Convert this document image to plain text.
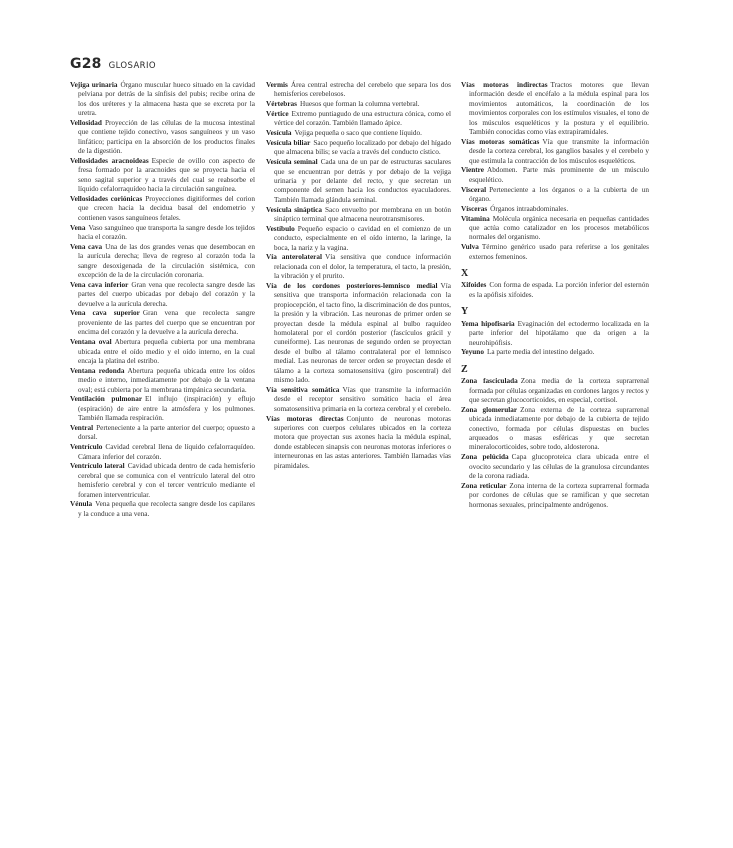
G28 GLOSARIO

Vejiga urinaria Órgano muscular hueco situado en la cavidad pelviana por detrás de la sínfisis del pubis; recibe orina de los dos uréteres y la almacena hasta que se excreta por la uretra.

Vellosidad Proyección de las células de la mucosa intestinal que contiene tejido conectivo, vasos sanguíneos y un vaso linfático; participa en la absorción de los productos finales de la digestión.

Vellosidades aracnoideas Especie de ovillo con aspecto de fresa formado por la aracnoides que se proyecta hacia el seno sagital superior y a través del cual se reabsorbe el líquido cefalorraquídeo hacia la circulación sanguínea.

Vellosidades coriónicas Proyecciones digitiformes del corion que crecen hacia la decidua basal del endometrio y contienen vasos sanguíneos fetales.

Vena Vaso sanguíneo que transporta la sangre desde los tejidos hacia el corazón.

Vena cava Una de las dos grandes venas que desembocan en la aurícula derecha; lleva de regreso al corazón toda la sangre desoxigenada de la circulación sistémica, con excepción de la de la circulación coronaria.

Vena cava inferior Gran vena que recolecta sangre desde las partes del cuerpo ubicadas por debajo del corazón y la devuelve a la aurícula derecha.

Vena cava superior Gran vena que recolecta sangre proveniente de las partes del cuerpo que se encuentran por encima del corazón y la devuelve a la aurícula derecha.

Ventana oval Abertura pequeña cubierta por una membrana ubicada entre el oído medio y el oído interno, en la cual encaja la platina del estribo.

Ventana redonda Abertura pequeña ubicada entre los oídos medio e interno, inmediatamente por debajo de la ventana oval; está cubierta por la membrana timpánica secundaria.

Ventilación pulmonar El influjo (inspiración) y eflujo (espiración) de aire entre la atmósfera y los pulmones. También llamada respiración.

Ventral Perteneciente a la parte anterior del cuerpo; opuesto a dorsal.

Ventrículo Cavidad cerebral llena de líquido cefalorraquídeo. Cámara inferior del corazón.

Ventrículo lateral Cavidad ubicada dentro de cada hemisferio cerebral que se comunica con el ventrículo lateral del otro hemisferio cerebral y con el tercer ventrículo mediante el foramen interventricular.

Vénula Vena pequeña que recolecta sangre desde los capilares y la conduce a una vena.

Vermis Área central estrecha del cerebelo que separa los dos hemisferios cerebelosos.

Vértebras Huesos que forman la columna vertebral.

Vértice Extremo puntiagudo de una estructura cónica, como el vértice del corazón. También llamado ápice.

Vesícula Vejiga pequeña o saco que contiene líquido.

Vesícula biliar Saco pequeño localizado por debajo del hígado que almacena bilis; se vacía a través del conducto cístico.

Vesícula seminal Cada una de un par de estructuras saculares que se encuentran por detrás y por debajo de la vejiga urinaria y por delante del recto, y que secretan un componente del semen hacia los conductos eyaculadores. También llamada glándula seminal.

Vesícula sináptica Saco envuelto por membrana en un botón sináptico terminal que almacena neurotransmisores.

Vestíbulo Pequeño espacio o cavidad en el comienzo de un conducto, especialmente en el oído interno, la laringe, la boca, la nariz y la vagina.

Vía anterolateral Vía sensitiva que conduce información relacionada con el dolor, la temperatura, el tacto, la presión, la vibración y el prurito.

Vía de los cordones posteriores-lemnisco medial Vía sensitiva que transporta información relacionada con la propiocepción, el tacto fino, la discriminación de dos puntos, la presión y la vibración. Las neuronas de primer orden se proyectan desde la médula espinal al bulbo raquídeo homolateral por el cordón posterior (fascículos grácil y cuneiforme). Las neuronas de segundo orden se proyectan desde el bulbo al tálamo contralateral por el lemnisco medial. Las neuronas de tercer orden se proyectan desde el tálamo a la corteza somatosensitiva (giro poscentral) del mismo lado.

Vía sensitiva somática Vías que transmite la información desde el receptor sensitivo somático hacia el área somatosensitiva primaria en la corteza cerebral y el cerebelo.

Vías motoras directas Conjunto de neuronas motoras superiores con cuerpos celulares ubicados en la corteza motora que proyectan sus axones hacia la médula espinal, donde establecen sinapsis con neuronas motoras inferiores o interneuronas en las astas anteriores. También llamadas vías piramidales.

Vías motoras indirectas Tractos motores que llevan información desde el encéfalo a la médula espinal para los movimientos automáticos, la coordinación de los movimientos corporales con los estímulos visuales, el tono de los músculos esqueléticos y la postura y el equilibrio. También conocidas como vías extrapiramidales.

Vías motoras somáticas Vía que transmite la información desde la corteza cerebral, los ganglios basales y el cerebelo y que estimula la contracción de los músculos esqueléticos.

Vientre Abdomen. Parte más prominente de un músculo esquelético.

Visceral Perteneciente a los órganos o a la cubierta de un órgano.

Vísceras Órganos intraabdominales.

Vitamina Molécula orgánica necesaria en pequeñas cantidades que actúa como catalizador en los procesos metabólicos normales del organismo.

Vulva Término genérico usado para referirse a los genitales externos femeninos.

X

Xifoides Con forma de espada. La porción inferior del esternón es la apófisis xifoides.

Y

Yema hipofisaria Evaginación del ectodermo localizada en la parte inferior del hipotálamo que da origen a la neurohipófisis.

Yeyuno La parte media del intestino delgado.

Z

Zona fasciculada Zona media de la corteza suprarrenal formada por células organizadas en cordones largos y rectos y que secretan glucocorticoides, en especial, cortisol.

Zona glomerular Zona externa de la corteza suprarrenal ubicada inmediatamente por debajo de la cubierta de tejido conectivo, formada por células dispuestas en bucles arqueados o masas esféricas y que secretan mineralocorticoides, sobre todo, aldosterona.

Zona pelúcida Capa glucoproteica clara ubicada entre el ovocito secundario y las células de la granulosa circundantes de la corona radiada.

Zona reticular Zona interna de la corteza suprarrenal formada por cordones de células que se ramifican y que secretan hormonas sexuales, principalmente andrógenos.
